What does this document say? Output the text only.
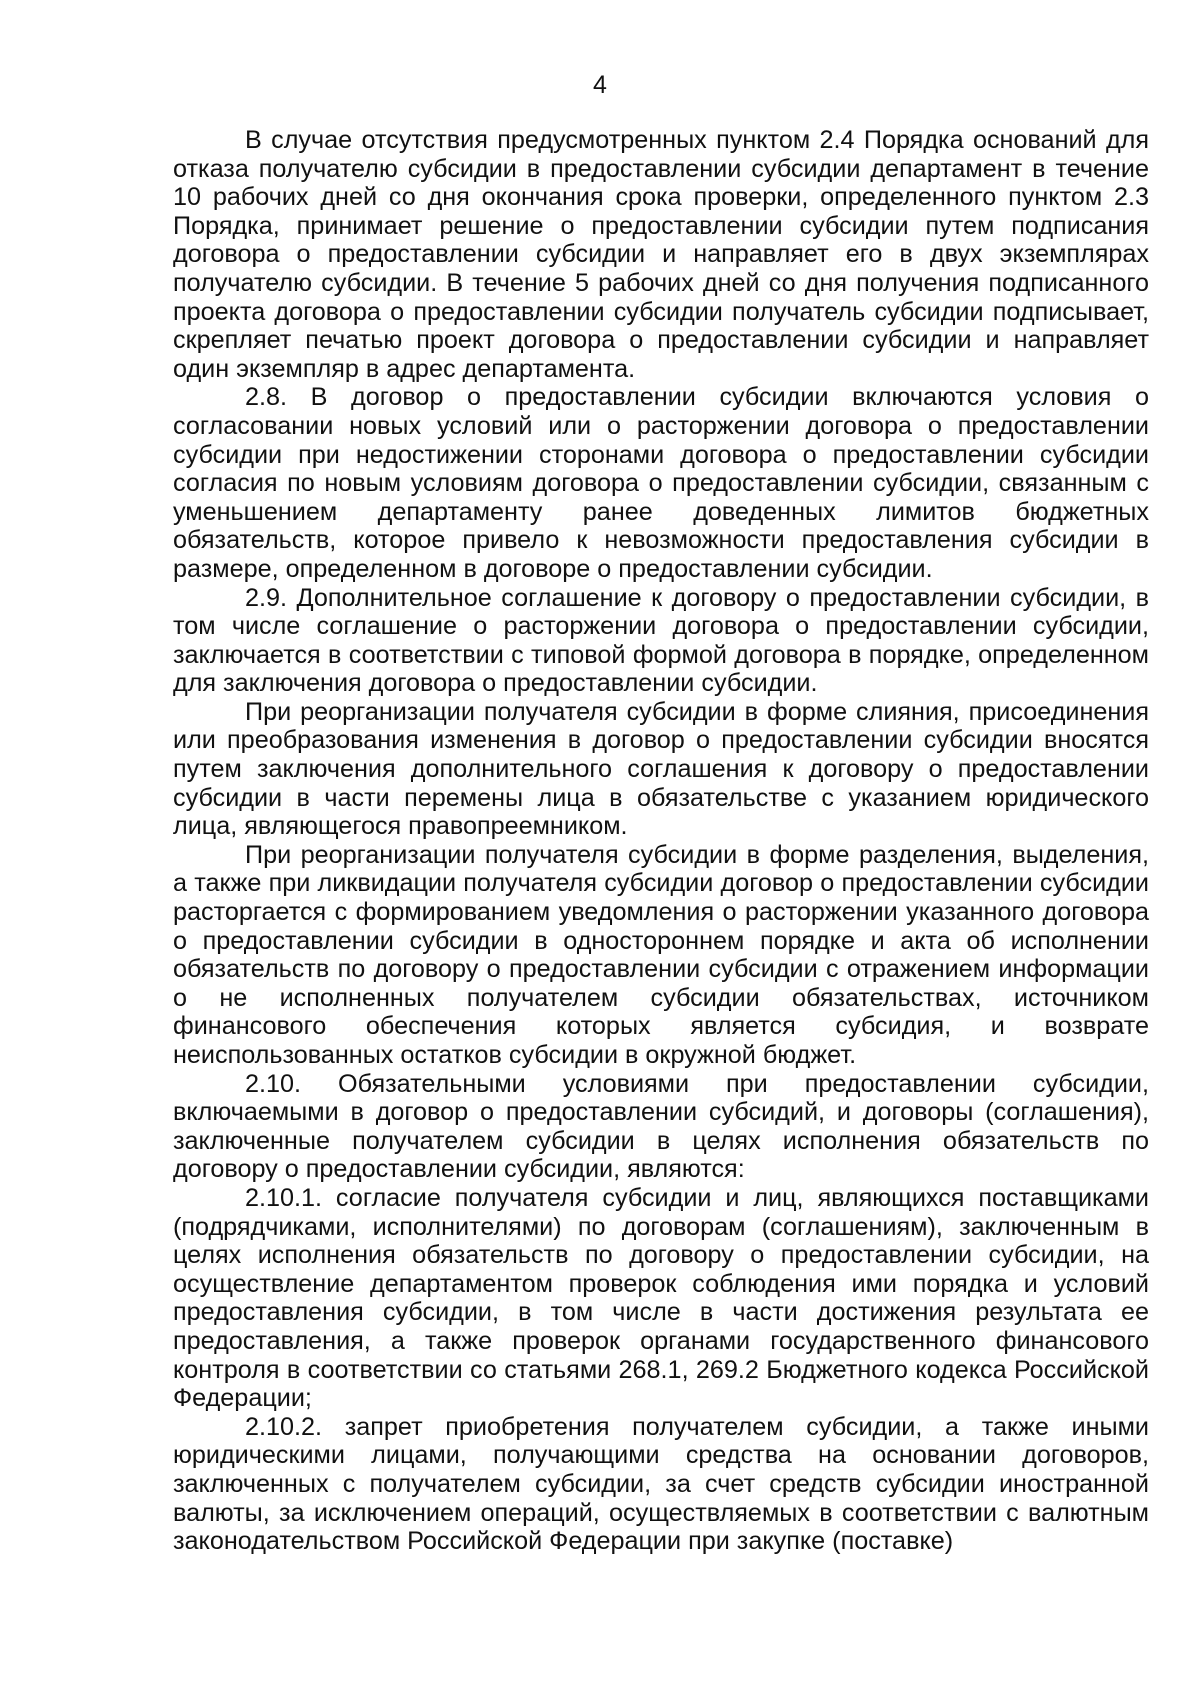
4

В случае отсутствия предусмотренных пунктом 2.4 Порядка оснований для отказа получателю субсидии в предоставлении субсидии департамент в течение 10 рабочих дней со дня окончания срока проверки, определенного пунктом 2.3 Порядка, принимает решение о предоставлении субсидии путем подписания договора о предоставлении субсидии и направляет его в двух экземплярах получателю субсидии. В течение 5 рабочих дней со дня получения подписанного проекта договора о предоставлении субсидии получатель субсидии подписывает, скрепляет печатью проект договора о предоставлении субсидии и направляет один экземпляр в адрес департамента.

2.8. В договор о предоставлении субсидии включаются условия о согласовании новых условий или о расторжении договора о предоставлении субсидии при недостижении сторонами договора о предоставлении субсидии согласия по новым условиям договора о предоставлении субсидии, связанным с уменьшением департаменту ранее доведенных лимитов бюджетных обязательств, которое привело к невозможности предоставления субсидии в размере, определенном в договоре о предоставлении субсидии.

2.9. Дополнительное соглашение к договору о предоставлении субсидии, в том числе соглашение о расторжении договора о предоставлении субсидии, заключается в соответствии с типовой формой договора в порядке, определенном для заключения договора о предоставлении субсидии.

При реорганизации получателя субсидии в форме слияния, присоединения или преобразования изменения в договор о предоставлении субсидии вносятся путем заключения дополнительного соглашения к договору о предоставлении субсидии в части перемены лица в обязательстве с указанием юридического лица, являющегося правопреемником.

При реорганизации получателя субсидии в форме разделения, выделения, а также при ликвидации получателя субсидии договор о предоставлении субсидии расторгается с формированием уведомления о расторжении указанного договора о предоставлении субсидии в одностороннем порядке и акта об исполнении обязательств по договору о предоставлении субсидии с отражением информации о не исполненных получателем субсидии обязательствах, источником финансового обеспечения которых является субсидия, и возврате неиспользованных остатков субсидии в окружной бюджет.

2.10. Обязательными условиями при предоставлении субсидии, включаемыми в договор о предоставлении субсидий, и договоры (соглашения), заключенные получателем субсидии в целях исполнения обязательств по договору о предоставлении субсидии, являются:

2.10.1. согласие получателя субсидии и лиц, являющихся поставщиками (подрядчиками, исполнителями) по договорам (соглашениям), заключенным в целях исполнения обязательств по договору о предоставлении субсидии, на осуществление департаментом проверок соблюдения ими порядка и условий предоставления субсидии, в том числе в части достижения результата ее предоставления, а также проверок органами государственного финансового контроля в соответствии со статьями 268.1, 269.2 Бюджетного кодекса Российской Федерации;

2.10.2. запрет приобретения получателем субсидии, а также иными юридическими лицами, получающими средства на основании договоров, заключенных с получателем субсидии, за счет средств субсидии иностранной валюты, за исключением операций, осуществляемых в соответствии с валютным законодательством Российской Федерации при закупке (поставке)
